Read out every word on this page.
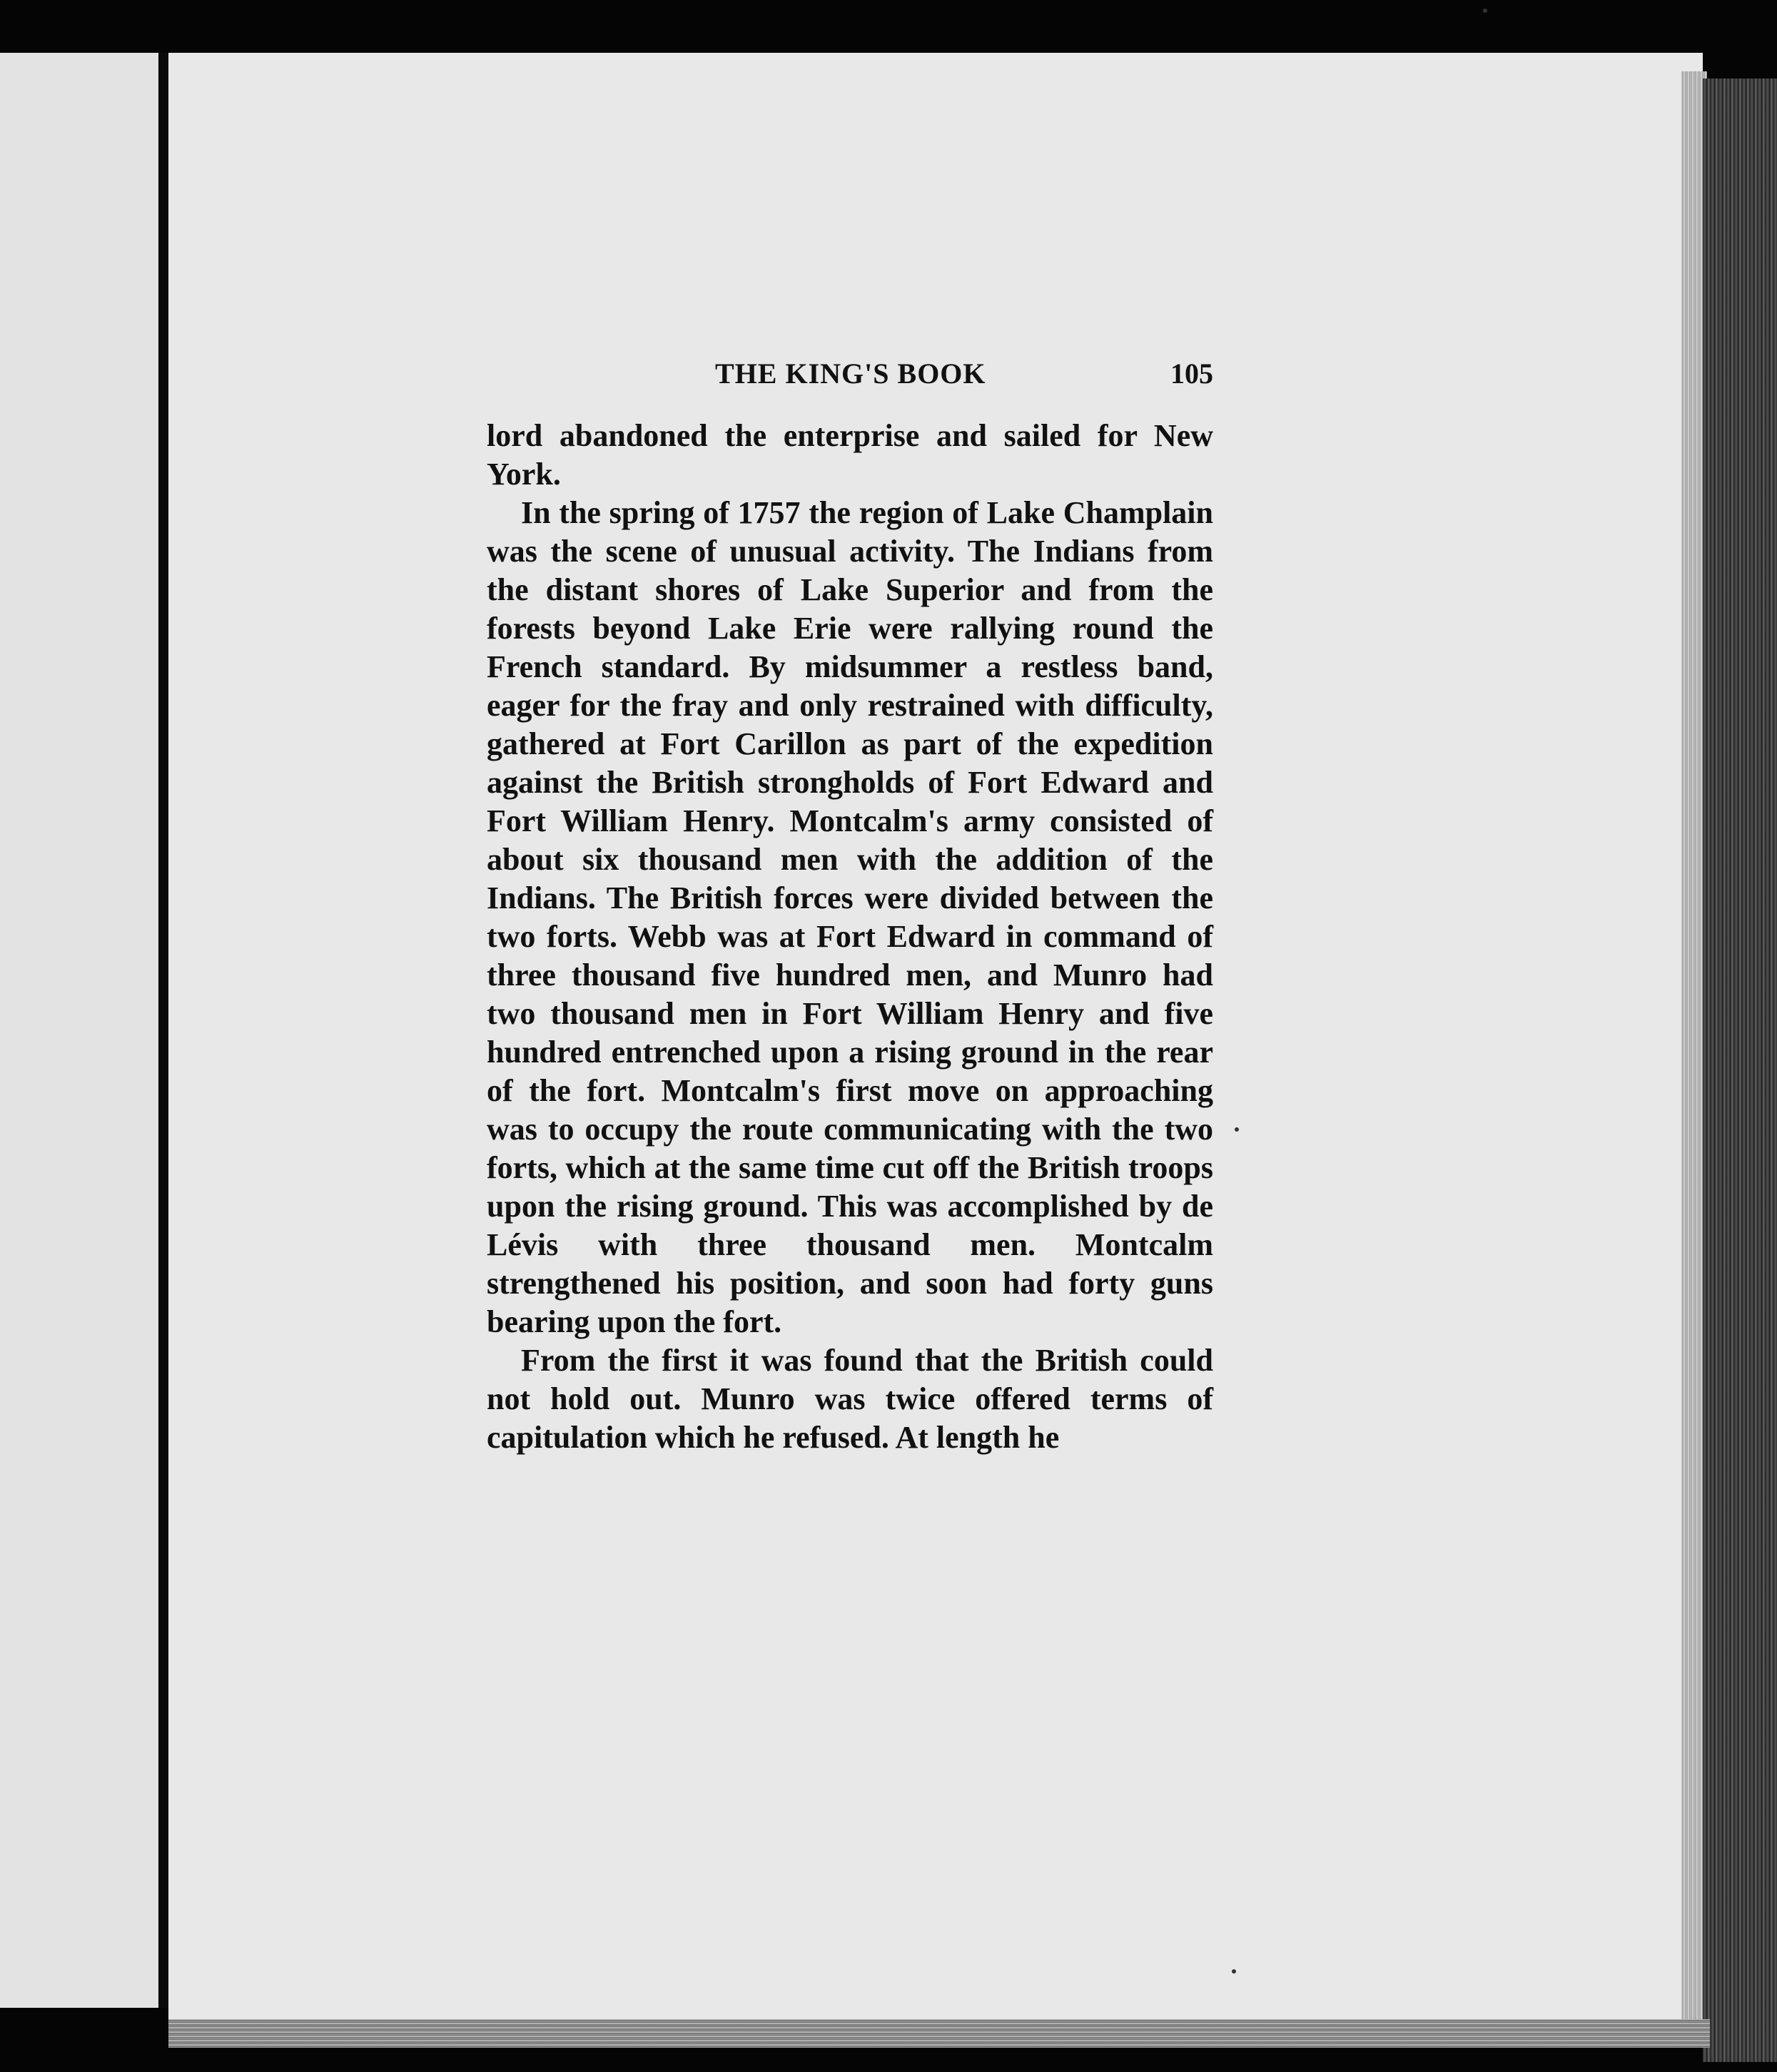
THE KING'S BOOK	105

lord abandoned the enterprise and sailed for New York.

In the spring of 1757 the region of Lake Champlain was the scene of unusual activity. The Indians from the distant shores of Lake Superior and from the forests beyond Lake Erie were rallying round the French standard. By midsummer a restless band, eager for the fray and only restrained with difficulty, gathered at Fort Carillon as part of the expedition against the British strongholds of Fort Edward and Fort William Henry. Montcalm's army consisted of about six thousand men with the addition of the Indians. The British forces were divided between the two forts. Webb was at Fort Edward in command of three thousand five hundred men, and Munro had two thousand men in Fort William Henry and five hundred entrenched upon a rising ground in the rear of the fort. Montcalm's first move on approaching was to occupy the route communicating with the two forts, which at the same time cut off the British troops upon the rising ground. This was accomplished by de Lévis with three thousand men. Montcalm strengthened his position, and soon had forty guns bearing upon the fort.

From the first it was found that the British could not hold out. Munro was twice offered terms of capitulation which he refused. At length he
